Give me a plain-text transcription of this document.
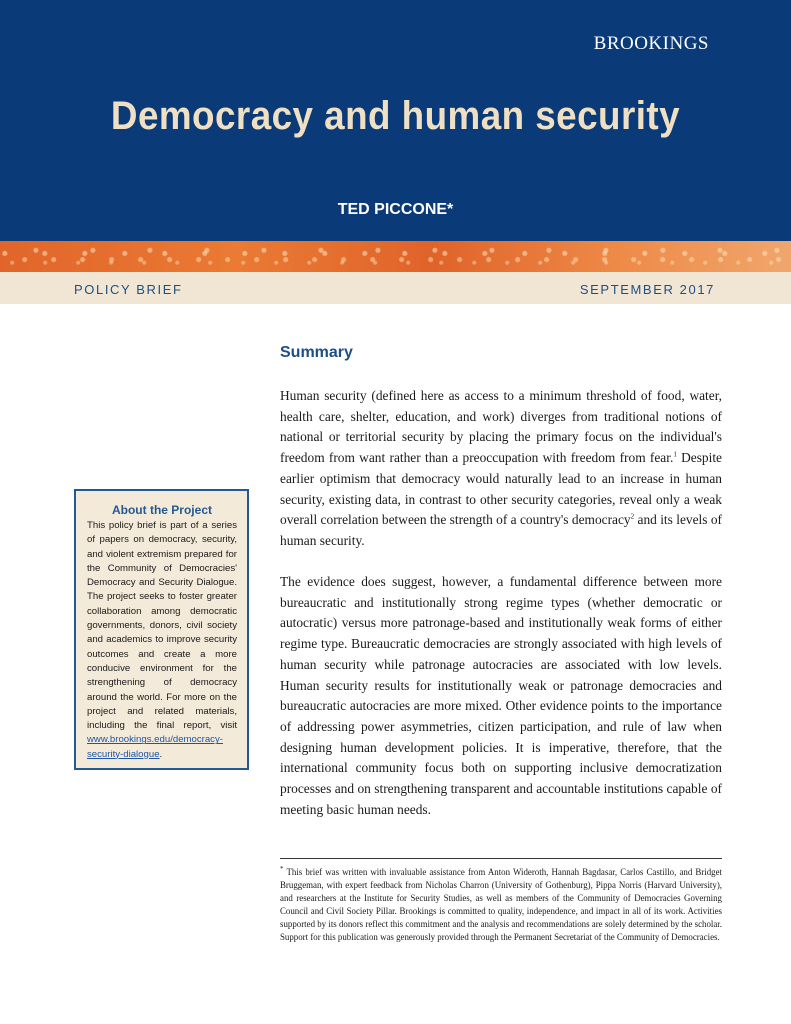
BROOKINGS
Democracy and human security
TED PICCONE*
POLICY BRIEF	SEPTEMBER 2017
About the Project
This policy brief is part of a series of papers on democracy, security, and violent extremism prepared for the Community of Democracies' Democracy and Security Dialogue. The project seeks to foster greater collaboration among democratic governments, donors, civil society and academics to improve security outcomes and create a more conducive environment for the strengthening of democracy around the world. For more on the project and related materials, including the final report, visit www.brookings.edu/democracy-security-dialogue.
Summary

Human security (defined here as access to a minimum threshold of food, water, health care, shelter, education, and work) diverges from traditional notions of national or territorial security by placing the primary focus on the individual's freedom from want rather than a preoccupation with freedom from fear.$^1$ Despite earlier optimism that democracy would naturally lead to an increase in human security, existing data, in contrast to other security categories, reveal only a weak overall correlation between the strength of a country's democracy$^2$ and its levels of human security.

The evidence does suggest, however, a fundamental difference between more bureaucratic and institutionally strong regime types (whether democratic or autocratic) versus more patronage-based and institutionally weak forms of either regime type. Bureaucratic democracies are strongly associated with high levels of human security while patronage autocracies are associated with low levels. Human security results for institutionally weak or patronage democracies and bureaucratic autocracies are more mixed. Other evidence points to the importance of addressing power asymmetries, citizen participation, and rule of law when designing human development policies. It is imperative, therefore, that the international community focus both on supporting inclusive democratization processes and on strengthening transparent and accountable institutions capable of meeting basic human needs.

* This brief was written with invaluable assistance from Anton Wideroth, Hannah Bagdasar, Carlos Castillo, and Bridget Bruggeman, with expert feedback from Nicholas Charron (University of Gothenburg), Pippa Norris (Harvard University), and researchers at the Institute for Security Studies, as well as members of the Community of Democracies Governing Council and Civil Society Pillar. Brookings is committed to quality, independence, and impact in all of its work. Activities supported by its donors reflect this commitment and the analysis and recommendations are solely determined by the scholar. Support for this publication was generously provided through the Permanent Secretariat of the Community of Democracies.
